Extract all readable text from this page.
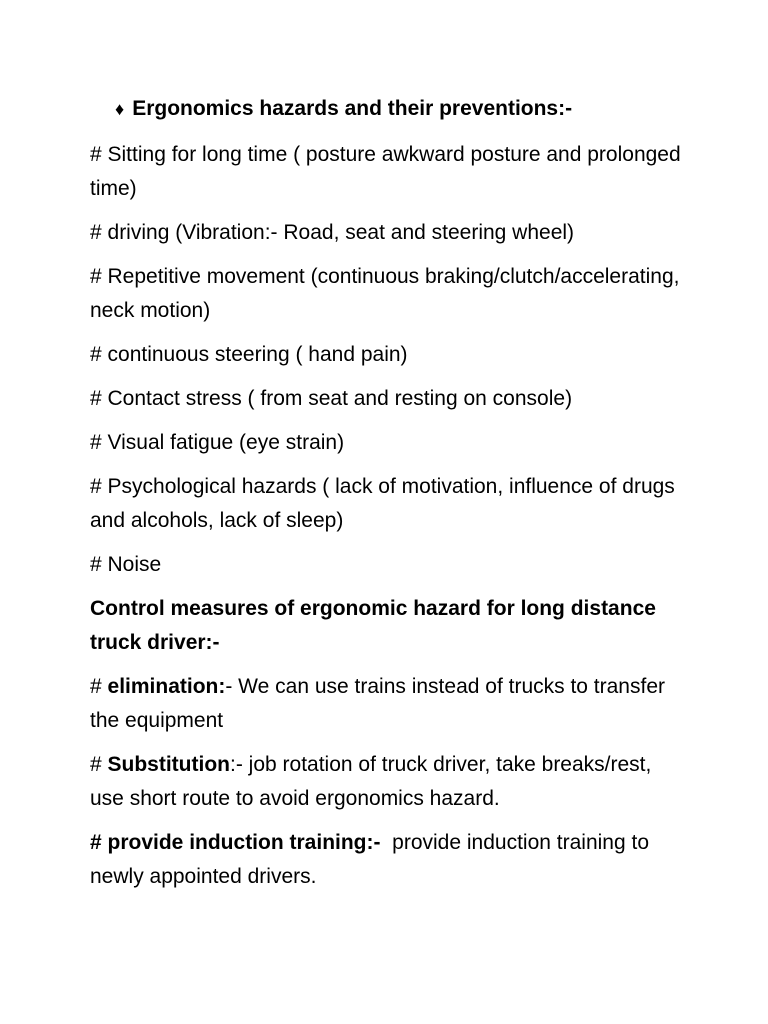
♦ Ergonomics hazards and their preventions:-

# Sitting for long time ( posture awkward posture and prolonged time)

# driving (Vibration:- Road, seat and steering wheel)

# Repetitive movement (continuous braking/clutch/accelerating, neck motion)

# continuous steering ( hand pain)

# Contact stress ( from seat and resting on console)

# Visual fatigue (eye strain)

# Psychological hazards ( lack of motivation, influence of drugs and alcohols, lack of sleep)

# Noise

Control measures of ergonomic hazard for long distance truck driver:-

# elimination:- We can use trains instead of trucks to transfer the equipment

# Substitution:- job rotation of truck driver, take breaks/rest, use short route to avoid ergonomics hazard.

# provide induction training:-  provide induction training to newly appointed drivers.
